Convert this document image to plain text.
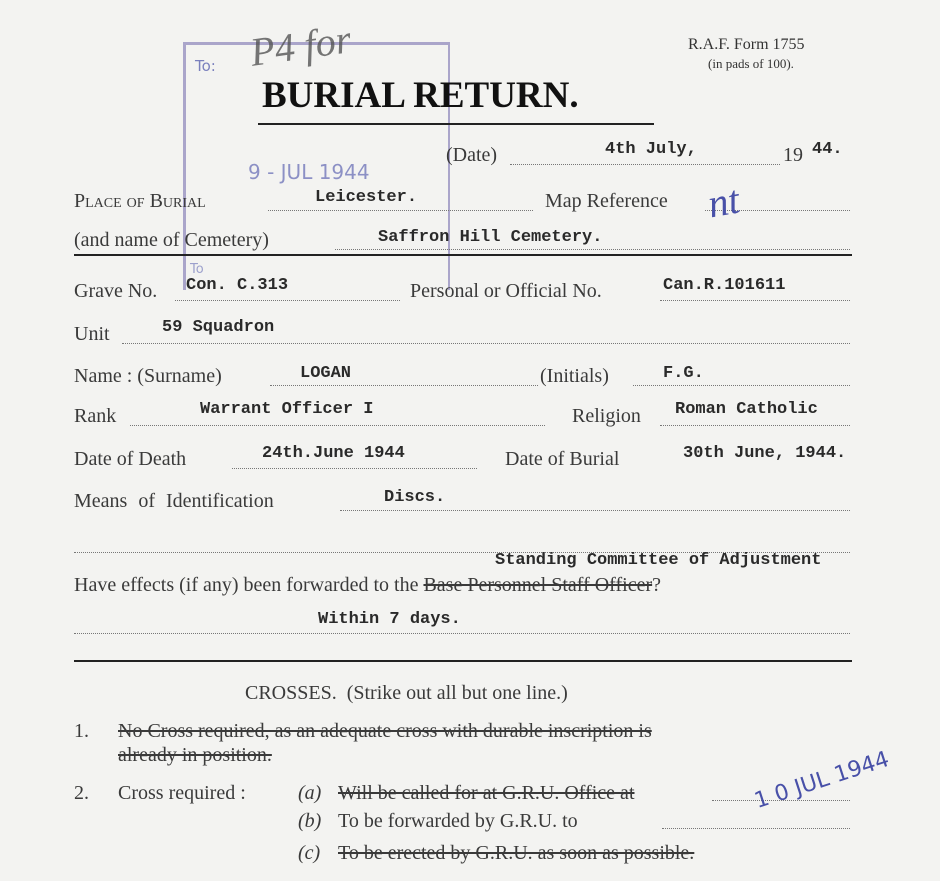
To:
9 - JUL 1944
To
P4 for	R.A.F. Form 1755
(in pads of 100).
BURIAL RETURN.
(Date)	4th July,	19 44.
Place of Burial	Leicester.	Map Reference nt
(and name of Cemetery)	Saffron Hill Cemetery.
Grave No. Con. C.313	Personal or Official No.	Can.R.101611
Unit	59 Squadron
Name : (Surname)	LOGAN	(Initials)	F.G.
Rank	Warrant Officer I	Religion Roman Catholic
Date of Death	24th.June 1944	Date of Burial	30th June, 1944.
Means of Identification	Discs.
Standing Committee of Adjustment
Have effects (if any) been forwarded to the Base Personnel Staff Officer?
Within 7 days.
CROSSES. (Strike out all but one line.)
1. No Cross required, as an adequate cross with durable inscription is
already in position.
2. Cross required :	(a) Will be called for at G.R.U. Office at
(b) To be forwarded by G.R.U. to
(c) To be erected by G.R.U. as soon as possible.
1 0 JUL 1944
